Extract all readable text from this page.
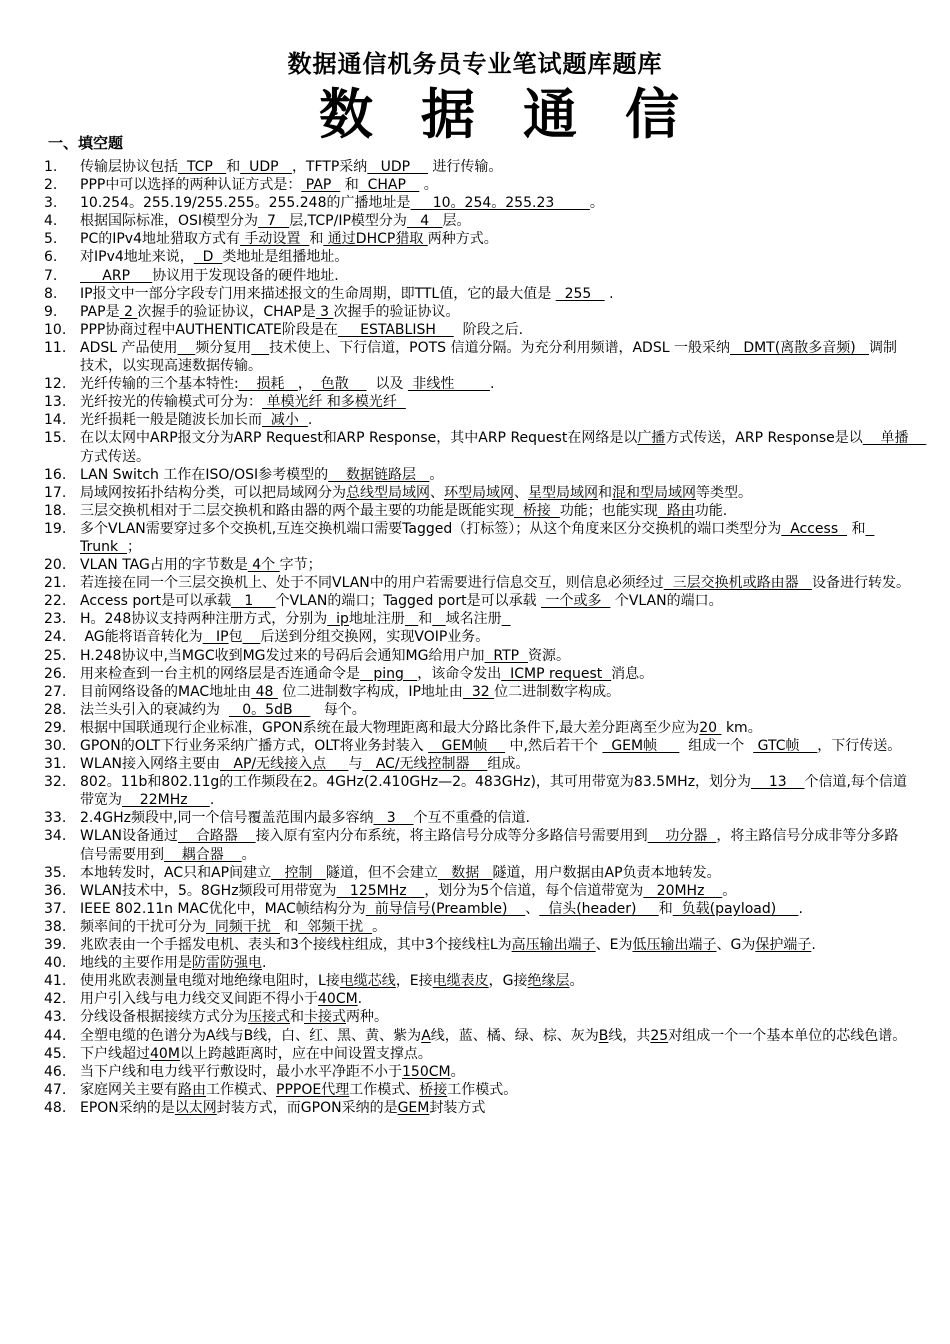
数据通信机务员专业笔试题库题库
数据通信
一、填空题
1.	传输层协议包括  TCP   和  UDP   ，TFTP采纳   UDP     进行传输。
2.	PPP中可以选择的两种认证方式是： PAP   和  CHAP    。
3.	10.254。255.19/255.255。255.248的广播地址是     10。254。255.23        。
4.	根据国际标准，OSI模型分为  7   层,TCP/IP模型分为   4   层。
5.	PC的IPv4地址猎取方式有 手动设置  和 通过DHCP猎取 两种方式。
6.	对IPv4地址来说，  D  类地址是组播地址。
7.	ARP     协议用于发现设备的硬件地址.
8.	IP报文中一部分字段专门用来描述报文的生命周期，即TTL值，它的最大值是   255    .
9.	PAP是 2 次握手的验证协议，CHAP是 3 次握手的验证协议。
10. PPP协商过程中AUTHENTICATE阶段是在     ESTABLISH      阶段之后.
11. ADSL 产品使用 频分复用 技术使上、下行信道，POTS 信道分隔。为充分利用频谱，ADSL 一般采纳   DMT(离散多音频)   调制技术，以实现高速数据传输。
12. 光纤传输的三个基本特性:    损耗   ，  色散      以及  非线性        .
13. 光纤按光的传输模式可分为： 单模光纤 和多模光纤
14. 光纤损耗一般是随波长加长而  减小  .
15. 在以太网中ARP报文分为ARP Request和ARP Response，其中ARP Request在网络是以广播方式传送，ARP Response是以    单播    方式传送。
16. LAN Switch 工作在ISO/OSI参考模型的    数据链路层   。
17. 局域网按拓扑结构分类，可以把局域网分为总线型局域网、环型局域网、星型局域网和混和型局域网等类型。
18. 三层交换机相对于二层交换机和路由器的两个最主要的功能是既能实现  桥接  功能；也能实现  路由功能.
19. 多个VLAN需要穿过多个交换机,互连交换机端口需要Tagged（打标签）；从这个角度来区分交换机的端口类型分为  Access   和  Trunk  ；
20. VLAN TAG占用的字节数是 4个 字节；
21. 若连接在同一个三层交换机上、处于不同VLAN中的用户若需要进行信息交互，则信息必须经过  三层交换机或路由器   设备进行转发。
22. Access port是可以承载   1     个VLAN的端口；Tagged port是可以承载  一个或多   个VLAN的端口。
23. H。248协议支持两种注册方式，分别为  ip地址注册 和 域名注册
24. AG能将语音转化为   IP包 后送到分组交换网，实现VOIP业务。
25. H.248协议中,当MGC收到MG发过来的号码后会通知MG给用户加  RTP  资源。
26. 用来检查到一台主机的网络层是否连通命令是   ping   ，该命令发出  ICMP request  消息。
27. 目前网络设备的MAC地址由 48  位二进制数字构成，IP地址由  32 位二进制数字构成。
28. 法兰头引入的衰减约为     0。5dB       每个。
29. 根据中国联通现行企业标准，GPON系统在最大物理距离和最大分路比条件下,最大差分距离至少应为20  km。
30. GPON的OLT下行业务采纳广播方式，OLT将业务封装入    GEM帧     中,然后若干个   GEM帧       组成一个   GTC帧    ，下行传送。
31. WLAN接入网络主要由   AP/无线接入点     与   AC/无线控制器    组成。
32. 802。11b和802.11g的工作频段在2。4GHz(2.410GHz—2。483GHz)，其可用带宽为83.5MHz，划分为    13    个信道,每个信道带宽为    22MHz     .
33. 2.4GHz频段中,同一个信号覆盖范围内最多容纳   3    个互不重叠的信道.
34. WLAN设备通过    合路器    接入原有室内分布系统，将主路信号分成等分多路信号需要用到    功分器  ，将主路信号分成非等分多路信号需要用到    耦合器    。
35. 本地转发时，AC只和AP间建立   控制   隧道，但不会建立   数据   隧道，用户数据由AP负责本地转发。
36. WLAN技术中，5。8GHz频段可用带宽为   125MHz    ，划分为5个信道，每个信道带宽为   20MHz    。
37. IEEE 802.11n MAC优化中，MAC帧结构分为  前导信号(Preamble)    、  信头(header)     和  负载(payload)     .
38. 频率间的干扰可分为  同频干扰   和  邻频干扰  。
39. 兆欧表由一个手摇发电机、表头和3个接线柱组成，其中3个接线柱L为高压输出端子、E为低压输出端子、G为保护端子.
40. 地线的主要作用是防雷防强电.
41. 使用兆欧表测量电缆对地绝缘电阻时，L接电缆芯线，E接电缆表皮，G接绝缘层。
42. 用户引入线与电力线交叉间距不得小于40CM.
43. 分线设备根据接续方式分为压接式和卡接式两种。
44. 全塑电缆的色谱分为A线与B线，白、红、黑、黄、紫为A线，蓝、橘、绿、棕、灰为B线，共25对组成一个一个基本单位的芯线色谱。
45. 下户线超过40M以上跨越距离时，应在中间设置支撑点。
46. 当下户线和电力线平行敷设时，最小水平净距不小于150CM。
47. 家庭网关主要有路由工作模式、PPPOE代理工作模式、桥接工作模式。
48. EPON采纳的是以太网封装方式，而GPON采纳的是GEM封装方式
